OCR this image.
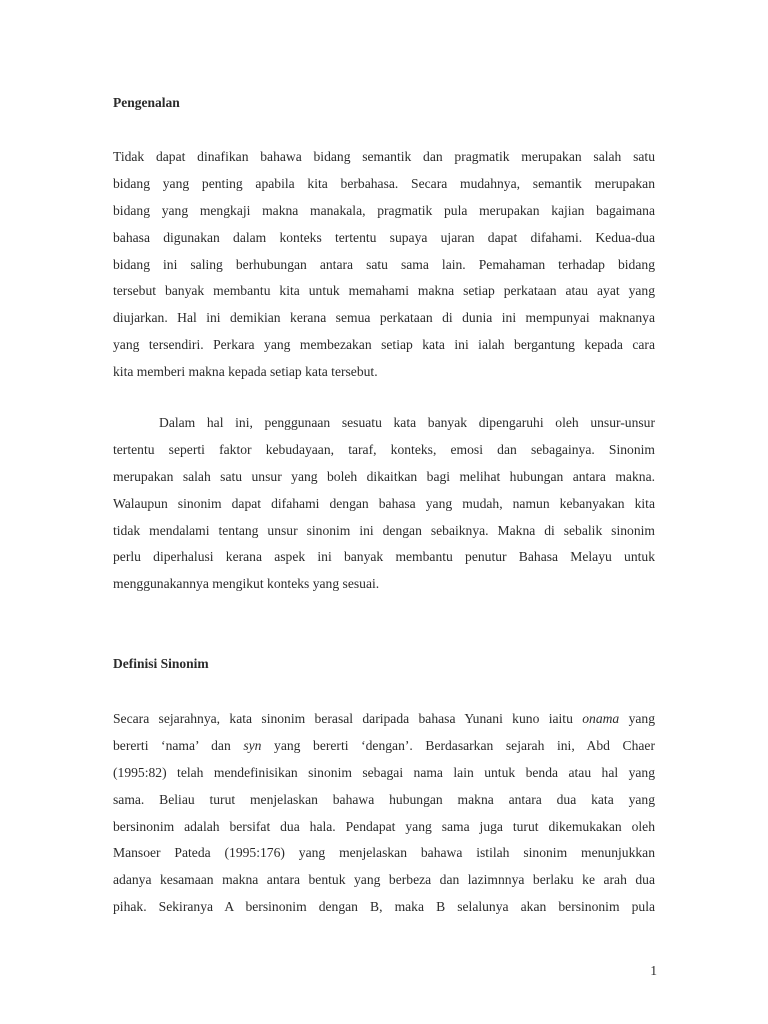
Pengenalan
Tidak dapat dinafikan bahawa bidang semantik dan pragmatik merupakan salah satu
bidang yang penting apabila kita berbahasa. Secara mudahnya, semantik merupakan
bidang yang mengkaji makna manakala, pragmatik pula merupakan kajian bagaimana
bahasa digunakan dalam konteks tertentu supaya ujaran dapat difahami. Kedua-dua
bidang ini saling berhubungan antara satu sama lain. Pemahaman terhadap bidang
tersebut banyak membantu kita untuk memahami makna setiap perkataan atau ayat yang
diujarkan. Hal ini demikian kerana semua perkataan di dunia ini mempunyai maknanya
yang tersendiri. Perkara yang membezakan setiap kata ini ialah bergantung kepada cara
kita memberi makna kepada setiap kata tersebut.
Dalam hal ini, penggunaan sesuatu kata banyak dipengaruhi oleh unsur-unsur
tertentu seperti faktor kebudayaan, taraf, konteks, emosi dan sebagainya. Sinonim
merupakan salah satu unsur yang boleh dikaitkan bagi melihat hubungan antara makna.
Walaupun sinonim dapat difahami dengan bahasa yang mudah, namun kebanyakan kita
tidak mendalami tentang unsur sinonim ini dengan sebaiknya. Makna di sebalik sinonim
perlu diperhalusi kerana aspek ini banyak membantu penutur Bahasa Melayu untuk
menggunakannya mengikut konteks yang sesuai.
Definisi Sinonim
Secara sejarahnya, kata sinonim berasal daripada bahasa Yunani kuno iaitu onama yang
bererti ‘nama’ dan syn yang bererti ‘dengan’. Berdasarkan sejarah ini, Abd Chaer
(1995:82) telah mendefinisikan sinonim sebagai nama lain untuk benda atau hal yang
sama. Beliau turut menjelaskan bahawa hubungan makna antara dua kata yang
bersinonim adalah bersifat dua hala. Pendapat yang sama juga turut dikemukakan oleh
Mansoer Pateda (1995:176) yang menjelaskan bahawa istilah sinonim menunjukkan
adanya kesamaan makna antara bentuk yang berbeza dan lazimnnya berlaku ke arah dua
pihak. Sekiranya A bersinonim dengan B, maka B selalunya akan bersinonim pula
1
